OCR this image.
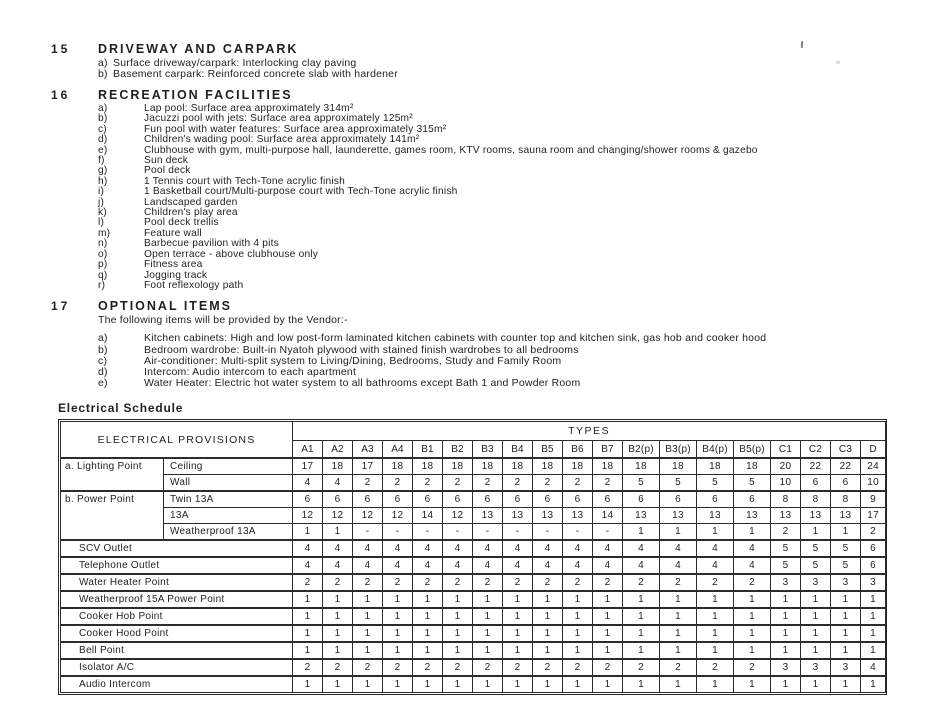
15	DRIVEWAY AND CARPARK
a) Surface driveway/carpark: Interlocking clay paving
b) Basement carpark: Reinforced concrete slab with hardener
16	RECREATION FACILITIES
a)	Lap pool: Surface area approximately 314m²
b)	Jacuzzi pool with jets: Surface area approximately 125m²
c)	Fun pool with water features: Surface area approximately 315m²
d)	Children's wading pool: Surface area approximately 141m²
e)	Clubhouse with gym, multi-purpose hall, launderette, games room, KTV rooms, sauna room and changing/shower rooms & gazebo
f)	Sun deck
g)	Pool deck
h)	1 Tennis court with Tech-Tone acrylic finish
i)	1 Basketball court/Multi-purpose court with Tech-Tone acrylic finish
j)	Landscaped garden
k)	Children's play area
l)	Pool deck trellis
m)	Feature wall
n)	Barbecue pavilion with 4 pits
o)	Open terrace - above clubhouse only
p)	Fitness area
q)	Jogging track
r)	Foot reflexology path
17	OPTIONAL ITEMS
The following items will be provided by the Vendor:-
a)	Kitchen cabinets: High and low post-form laminated kitchen cabinets with counter top and kitchen sink, gas hob and cooker hood
b)	Bedroom wardrobe: Built-in Nyatoh plywood with stained finish wardrobes to all bedrooms
c)	Air-conditioner: Multi-split system to Living/Dining, Bedrooms, Study and Family Room
d)	Intercom: Audio intercom to each apartment
e)	Water Heater: Electric hot water system to all bathrooms except Bath 1 and Powder Room
Electrical Schedule
ELECTRICAL PROVISIONS		TYPES																		
		A1	A2	A3	A4	B1	B2	B3	B4	B5	B6	B7	B2(p)	B3(p)	B4(p)	B5(p)	C1	C2	C3	D
a. Lighting Point	Ceiling	17	18	17	18	18	18	18	18	18	18	18	18	18	18	18	20	22	22	24
	Wall	4	4	2	2	2	2	2	2	2	2	2	5	5	5	5	10	6	6	10
b. Power Point	Twin 13A	6	6	6	6	6	6	6	6	6	6	6	6	6	6	6	8	8	8	9
	13A	12	12	12	12	14	12	13	13	13	13	14	13	13	13	13	13	13	13	17
	Weatherproof 13A	1	1	-	-	-	-	-	-	-	-	-	1	1	1	1	2	1	1	2
SCV Outlet		4	4	4	4	4	4	4	4	4	4	4	4	4	4	4	5	5	5	6
Telephone Outlet		4	4	4	4	4	4	4	4	4	4	4	4	4	4	4	5	5	5	6
Water Heater Point		2	2	2	2	2	2	2	2	2	2	2	2	2	2	2	3	3	3	3
Weatherproof 15A Power Point		1	1	1	1	1	1	1	1	1	1	1	1	1	1	1	1	1	1	1
Cooker Hob Point		1	1	1	1	1	1	1	1	1	1	1	1	1	1	1	1	1	1	1
Cooker Hood Point		1	1	1	1	1	1	1	1	1	1	1	1	1	1	1	1	1	1	1
Bell Point		1	1	1	1	1	1	1	1	1	1	1	1	1	1	1	1	1	1	1
Isolator A/C		2	2	2	2	2	2	2	2	2	2	2	2	2	2	2	3	3	3	4
Audio Intercom		1	1	1	1	1	1	1	1	1	1	1	1	1	1	1	1	1	1	1
